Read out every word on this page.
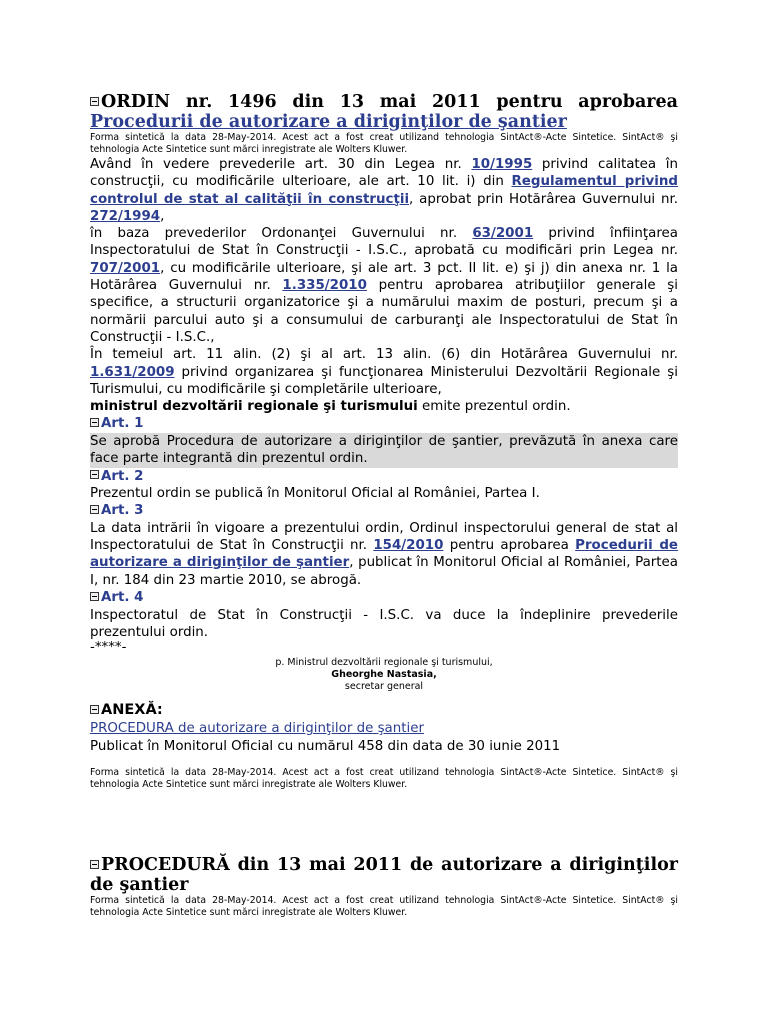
ORDIN nr. 1496 din 13 mai 2011 pentru aprobarea Procedurii de autorizare a diriginţilor de şantier
Forma sintetică la data 28-May-2014. Acest act a fost creat utilizand tehnologia SintAct®-Acte Sintetice. SintAct® şi tehnologia Acte Sintetice sunt mărci inregistrate ale Wolters Kluwer.
Având în vedere prevederile art. 30 din Legea nr. 10/1995 privind calitatea în construcţii, cu modificările ulterioare, ale art. 10 lit. i) din Regulamentul privind controlul de stat al calităţii în construcţii, aprobat prin Hotărârea Guvernului nr. 272/1994,
în baza prevederilor Ordonanţei Guvernului nr. 63/2001 privind înfiinţarea Inspectoratului de Stat în Construcţii - I.S.C., aprobată cu modificări prin Legea nr. 707/2001, cu modificările ulterioare, şi ale art. 3 pct. II lit. e) şi j) din anexa nr. 1 la Hotărârea Guvernului nr. 1.335/2010 pentru aprobarea atribuţiilor generale şi specifice, a structurii organizatorice şi a numărului maxim de posturi, precum şi a normării parcului auto şi a consumului de carburanţi ale Inspectoratului de Stat în Construcţii - I.S.C.,
În temeiul art. 11 alin. (2) şi al art. 13 alin. (6) din Hotărârea Guvernului nr. 1.631/2009 privind organizarea şi funcţionarea Ministerului Dezvoltării Regionale şi Turismului, cu modificările şi completările ulterioare,
ministrul dezvoltării regionale şi turismului emite prezentul ordin.
Art. 1
Se aprobă Procedura de autorizare a diriginţilor de şantier, prevăzută în anexa care face parte integrantă din prezentul ordin.
Art. 2
Prezentul ordin se publică în Monitorul Oficial al României, Partea I.
Art. 3
La data intrării în vigoare a prezentului ordin, Ordinul inspectorului general de stat al Inspectoratului de Stat în Construcţii nr. 154/2010 pentru aprobarea Procedurii de autorizare a diriginţilor de şantier, publicat în Monitorul Oficial al României, Partea I, nr. 184 din 23 martie 2010, se abrogă.
Art. 4
Inspectoratul de Stat în Construcţii - I.S.C. va duce la îndeplinire prevederile prezentului ordin.
-****-
p. Ministrul dezvoltării regionale şi turismului,
Gheorghe Nastasia,
secretar general
ANEXĂ:
PROCEDURA de autorizare a diriginţilor de şantier
Publicat în Monitorul Oficial cu numărul 458 din data de 30 iunie 2011
Forma sintetică la data 28-May-2014. Acest act a fost creat utilizand tehnologia SintAct®-Acte Sintetice. SintAct® şi tehnologia Acte Sintetice sunt mărci inregistrate ale Wolters Kluwer.
PROCEDURĂ din 13 mai 2011 de autorizare a diriginţilor de şantier
Forma sintetică la data 28-May-2014. Acest act a fost creat utilizand tehnologia SintAct®-Acte Sintetice. SintAct® şi tehnologia Acte Sintetice sunt mărci inregistrate ale Wolters Kluwer.
